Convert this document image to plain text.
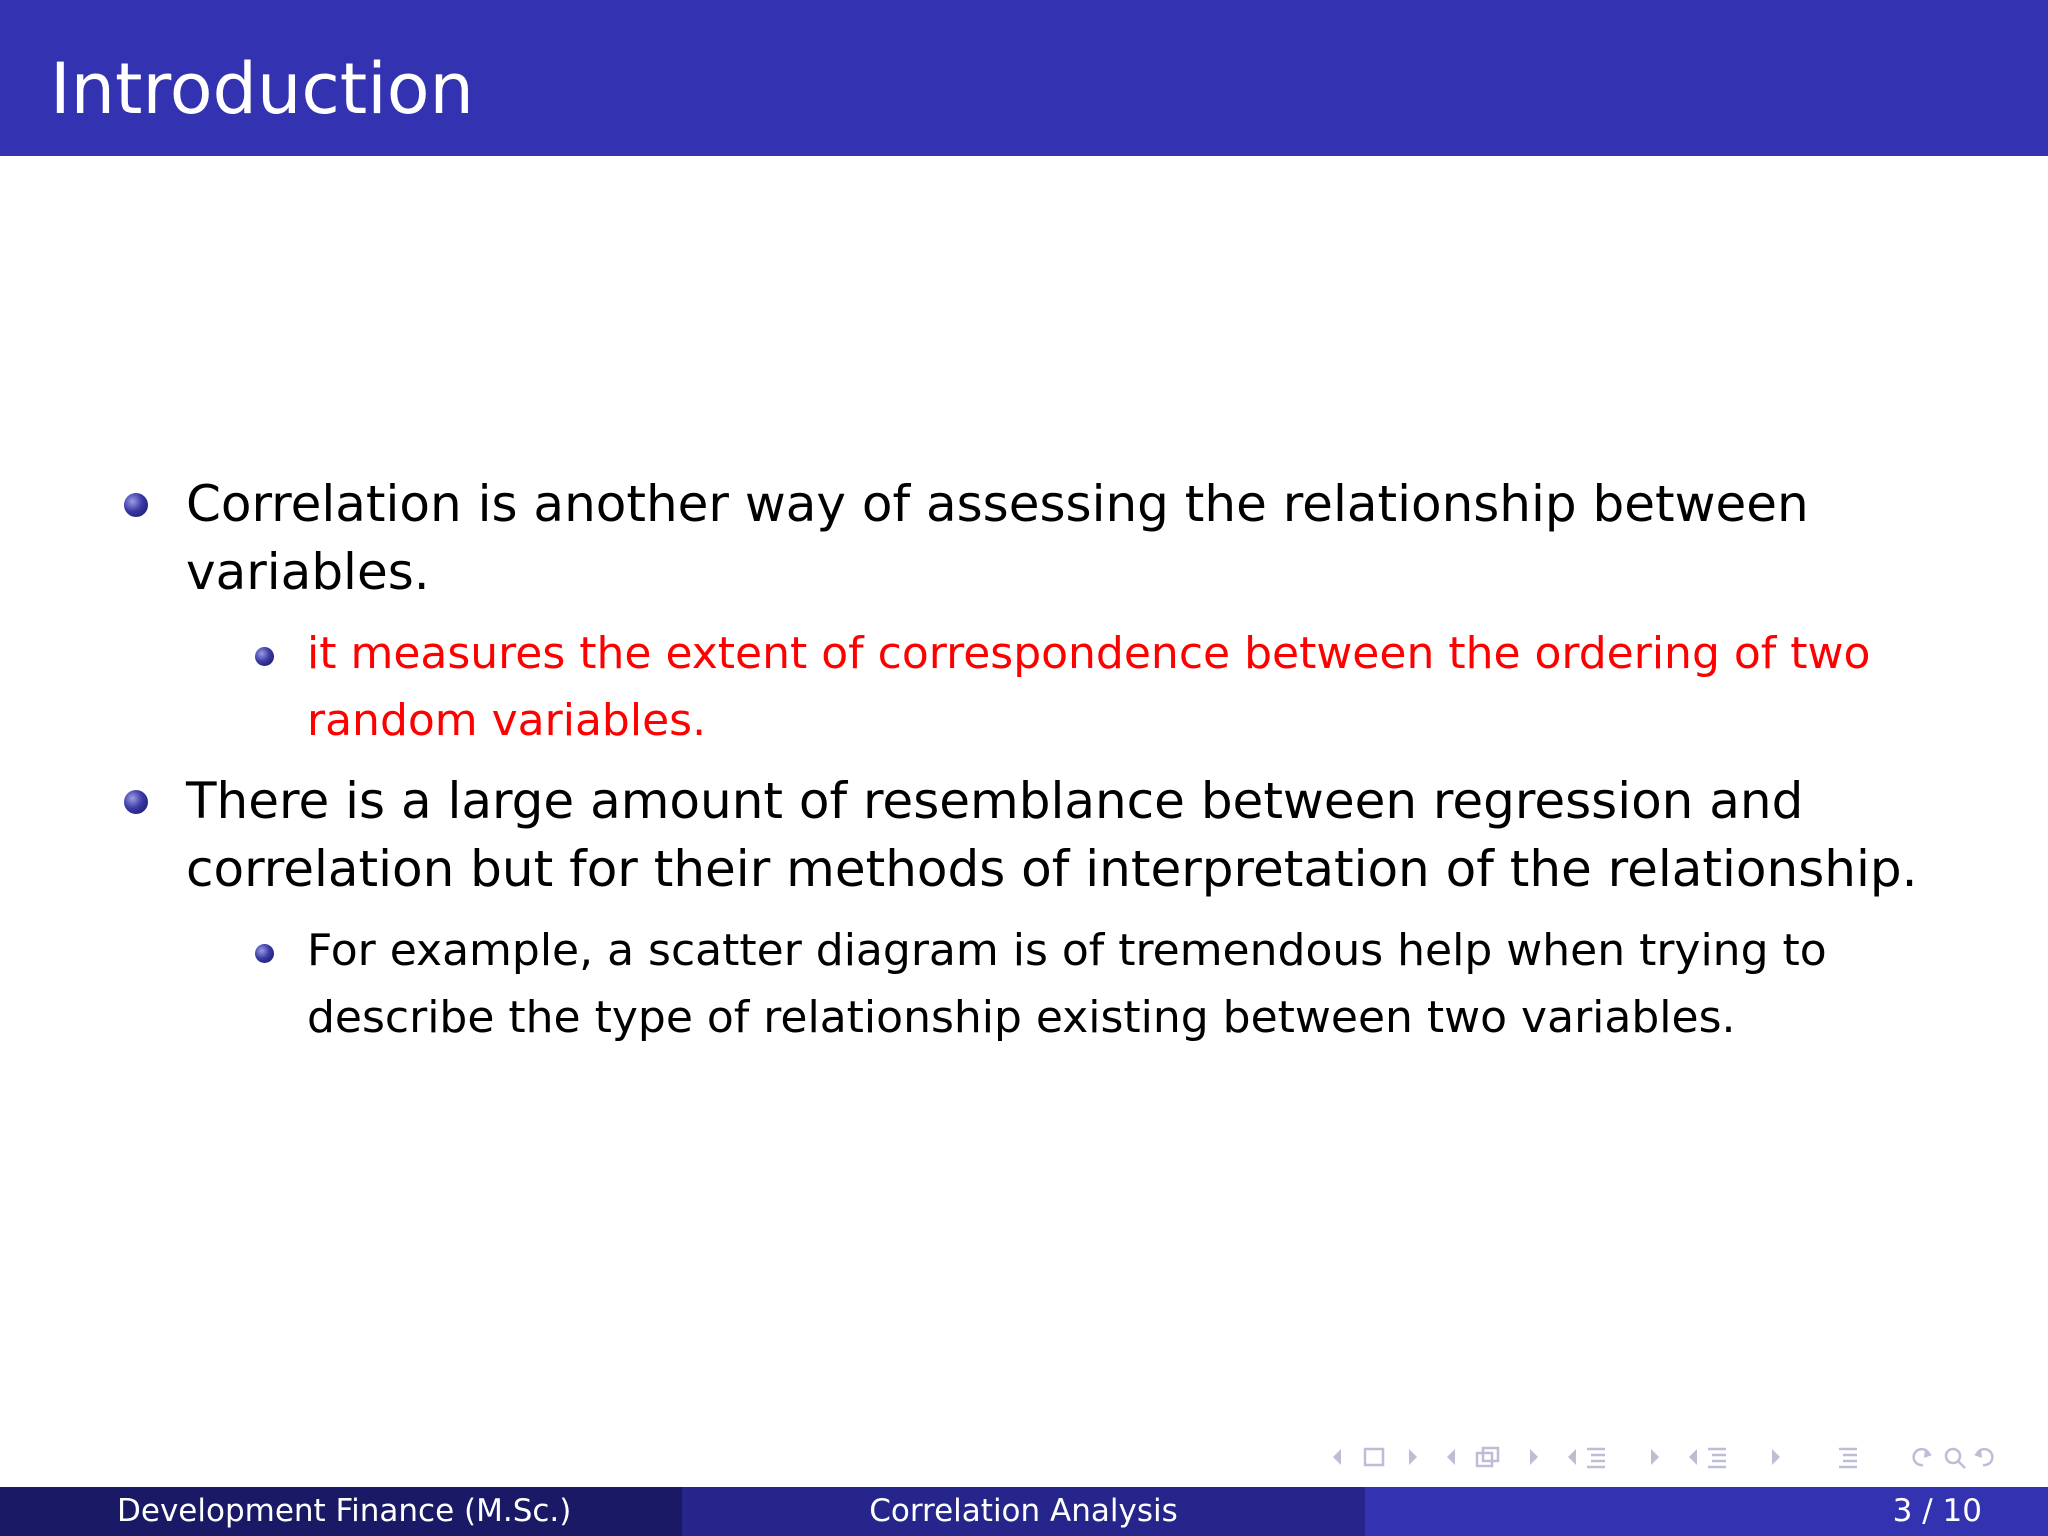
Introduction
Correlation is another way of assessing the relationship between
variables.
it measures the extent of correspondence between the ordering of two
random variables.
There is a large amount of resemblance between regression and
correlation but for their methods of interpretation of the relationship.
For example, a scatter diagram is of tremendous help when trying to
describe the type of relationship existing between two variables.
Development Finance (M.Sc.)	Correlation Analysis	3 / 10
